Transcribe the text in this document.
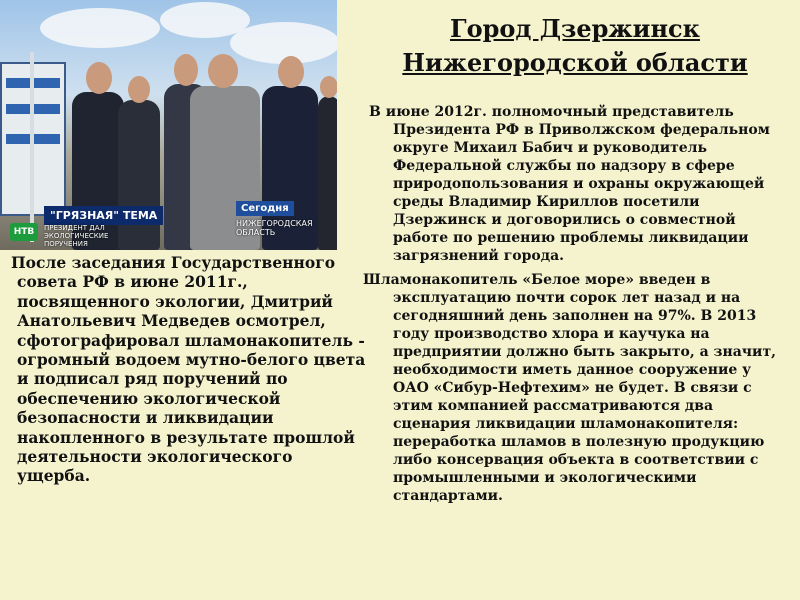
НТВ
"ГРЯЗНАЯ" ТЕМА
ПРЕЗИДЕНТ ДАЛ ЭКОЛОГИЧЕСКИЕ ПОРУЧЕНИЯ
Сегодня
НИЖЕГОРОДСКАЯ ОБЛАСТЬ
Город Дзержинск
Нижегородской области

В июне 2012г. полномочный представитель Президента РФ в Приволжском федеральном округе Михаил Бабич и руководитель Федеральной службы по надзору в сфере природопользования и охраны окружающей среды Владимир Кириллов посетили Дзержинск и договорились о совместной работе по решению проблемы ликвидации загрязнений города.

Шламонакопитель «Белое море» введен в эксплуатацию почти сорок лет назад и на сегодняшний день заполнен на 97%. В 2013 году производство хлора и каучука на предприятии должно быть закрыто, а значит, необходимости иметь данное сооружение у ОАО «Сибур-Нефтехим» не будет. В связи с этим компанией рассматриваются два сценария ликвидации шламонакопителя: переработка шламов в полезную продукцию либо консервация объекта в соответствии с промышленными и экологическими стандартами.

После заседания Государственного совета РФ в июне 2011г., посвященного экологии, Дмитрий Анатольевич Медведев осмотрел, сфотографировал шламонакопитель - огромный водоем мутно-белого цвета и подписал ряд поручений по обеспечению экологической безопасности и ликвидации накопленного в результате прошлой деятельности экологического ущерба.
